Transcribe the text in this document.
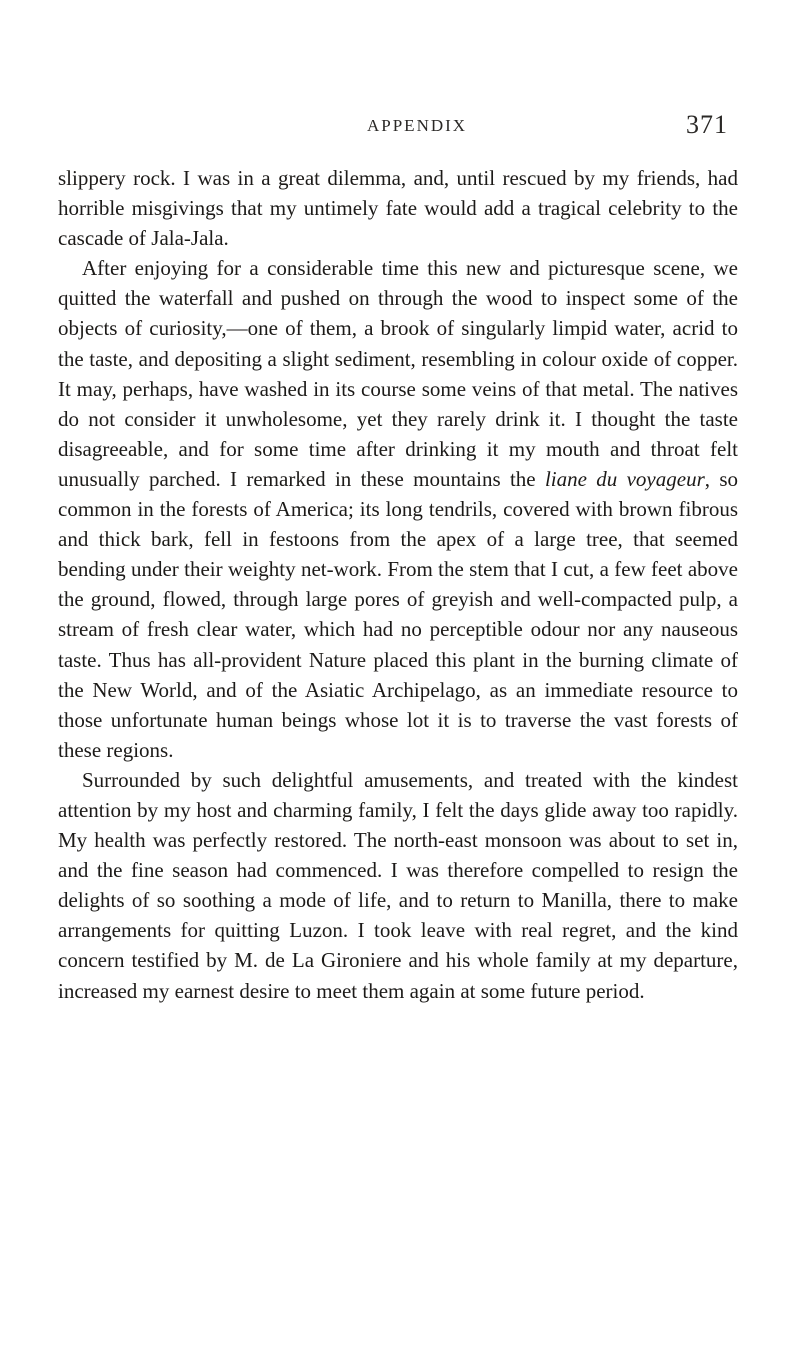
APPENDIX	371

slippery rock. I was in a great dilemma, and, until rescued by my friends, had horrible misgivings that my untimely fate would add a tragical celebrity to the cascade of Jala-Jala.

After enjoying for a considerable time this new and picturesque scene, we quitted the waterfall and pushed on through the wood to inspect some of the objects of curiosity,—one of them, a brook of singularly limpid water, acrid to the taste, and depositing a slight sediment, resembling in colour oxide of copper. It may, perhaps, have washed in its course some veins of that metal. The natives do not consider it unwholesome, yet they rarely drink it. I thought the taste disagreeable, and for some time after drinking it my mouth and throat felt unusually parched. I remarked in these mountains the liane du voyageur, so common in the forests of America; its long tendrils, covered with brown fibrous and thick bark, fell in festoons from the apex of a large tree, that seemed bending under their weighty net-work. From the stem that I cut, a few feet above the ground, flowed, through large pores of greyish and well-compacted pulp, a stream of fresh clear water, which had no perceptible odour nor any nauseous taste. Thus has all-provident Nature placed this plant in the burning climate of the New World, and of the Asiatic Archipelago, as an immediate resource to those unfortunate human beings whose lot it is to traverse the vast forests of these regions.

Surrounded by such delightful amusements, and treated with the kindest attention by my host and charming family, I felt the days glide away too rapidly. My health was perfectly restored. The north-east monsoon was about to set in, and the fine season had commenced. I was therefore compelled to resign the delights of so soothing a mode of life, and to return to Manilla, there to make arrangements for quitting Luzon. I took leave with real regret, and the kind concern testified by M. de La Gironiere and his whole family at my departure, increased my earnest desire to meet them again at some future period.
